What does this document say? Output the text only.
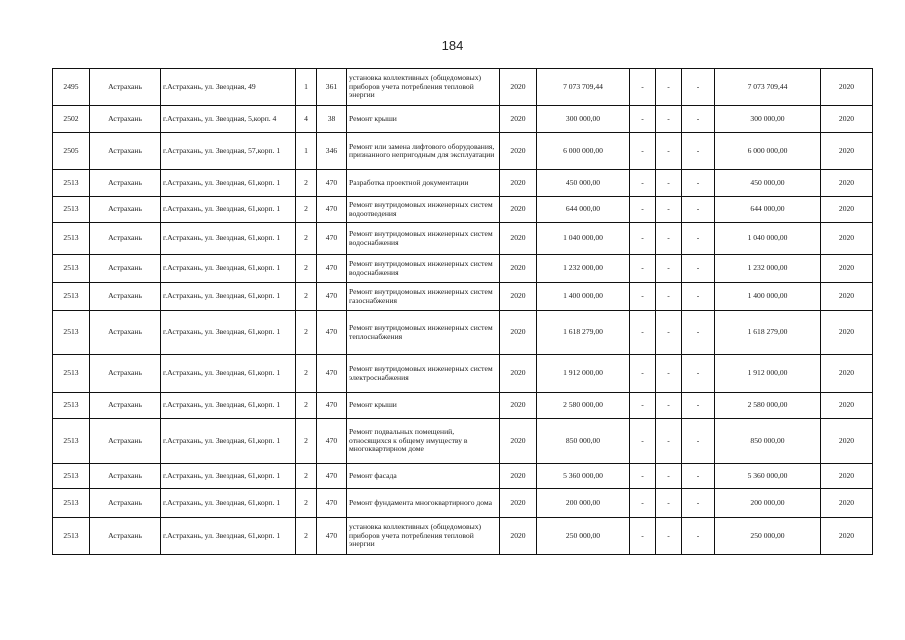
184
2495	Астрахань	г.Астрахань, ул. Звездная, 49	1	361	установка коллективных (общедомовых) приборов учета потребления тепловой энергии	2020	7 073 709,44	-	-	-	7 073 709,44	2020
2502	Астрахань	г.Астрахань, ул. Звездная, 5,корп. 4	4	38	Ремонт крыши	2020	300 000,00	-	-	-	300 000,00	2020
2505	Астрахань	г.Астрахань, ул. Звездная, 57,корп. 1	1	346	Ремонт или замена лифтового оборудования, признанного непригодным для эксплуатации	2020	6 000 000,00	-	-	-	6 000 000,00	2020
2513	Астрахань	г.Астрахань, ул. Звездная, 61,корп. 1	2	470	Разработка проектной документации	2020	450 000,00	-	-	-	450 000,00	2020
2513	Астрахань	г.Астрахань, ул. Звездная, 61,корп. 1	2	470	Ремонт внутридомовых инженерных систем водоотведения	2020	644 000,00	-	-	-	644 000,00	2020
2513	Астрахань	г.Астрахань, ул. Звездная, 61,корп. 1	2	470	Ремонт внутридомовых инженерных систем водоснабжения	2020	1 040 000,00	-	-	-	1 040 000,00	2020
2513	Астрахань	г.Астрахань, ул. Звездная, 61,корп. 1	2	470	Ремонт внутридомовых инженерных систем водоснабжения	2020	1 232 000,00	-	-	-	1 232 000,00	2020
2513	Астрахань	г.Астрахань, ул. Звездная, 61,корп. 1	2	470	Ремонт внутридомовых инженерных систем газоснабжения	2020	1 400 000,00	-	-	-	1 400 000,00	2020
2513	Астрахань	г.Астрахань, ул. Звездная, 61,корп. 1	2	470	Ремонт внутридомовых инженерных систем теплоснабжения	2020	1 618 279,00	-	-	-	1 618 279,00	2020
2513	Астрахань	г.Астрахань, ул. Звездная, 61,корп. 1	2	470	Ремонт внутридомовых инженерных систем электроснабжения	2020	1 912 000,00	-	-	-	1 912 000,00	2020
2513	Астрахань	г.Астрахань, ул. Звездная, 61,корп. 1	2	470	Ремонт крыши	2020	2 580 000,00	-	-	-	2 580 000,00	2020
2513	Астрахань	г.Астрахань, ул. Звездная, 61,корп. 1	2	470	Ремонт подвальных помещений, относящихся к общему имуществу в многоквартирном доме	2020	850 000,00	-	-	-	850 000,00	2020
2513	Астрахань	г.Астрахань, ул. Звездная, 61,корп. 1	2	470	Ремонт фасада	2020	5 360 000,00	-	-	-	5 360 000,00	2020
2513	Астрахань	г.Астрахань, ул. Звездная, 61,корп. 1	2	470	Ремонт фундамента многоквартирного дома	2020	200 000,00	-	-	-	200 000,00	2020
2513	Астрахань	г.Астрахань, ул. Звездная, 61,корп. 1	2	470	установка коллективных (общедомовых) приборов учета потребления тепловой энергии	2020	250 000,00	-	-	-	250 000,00	2020
